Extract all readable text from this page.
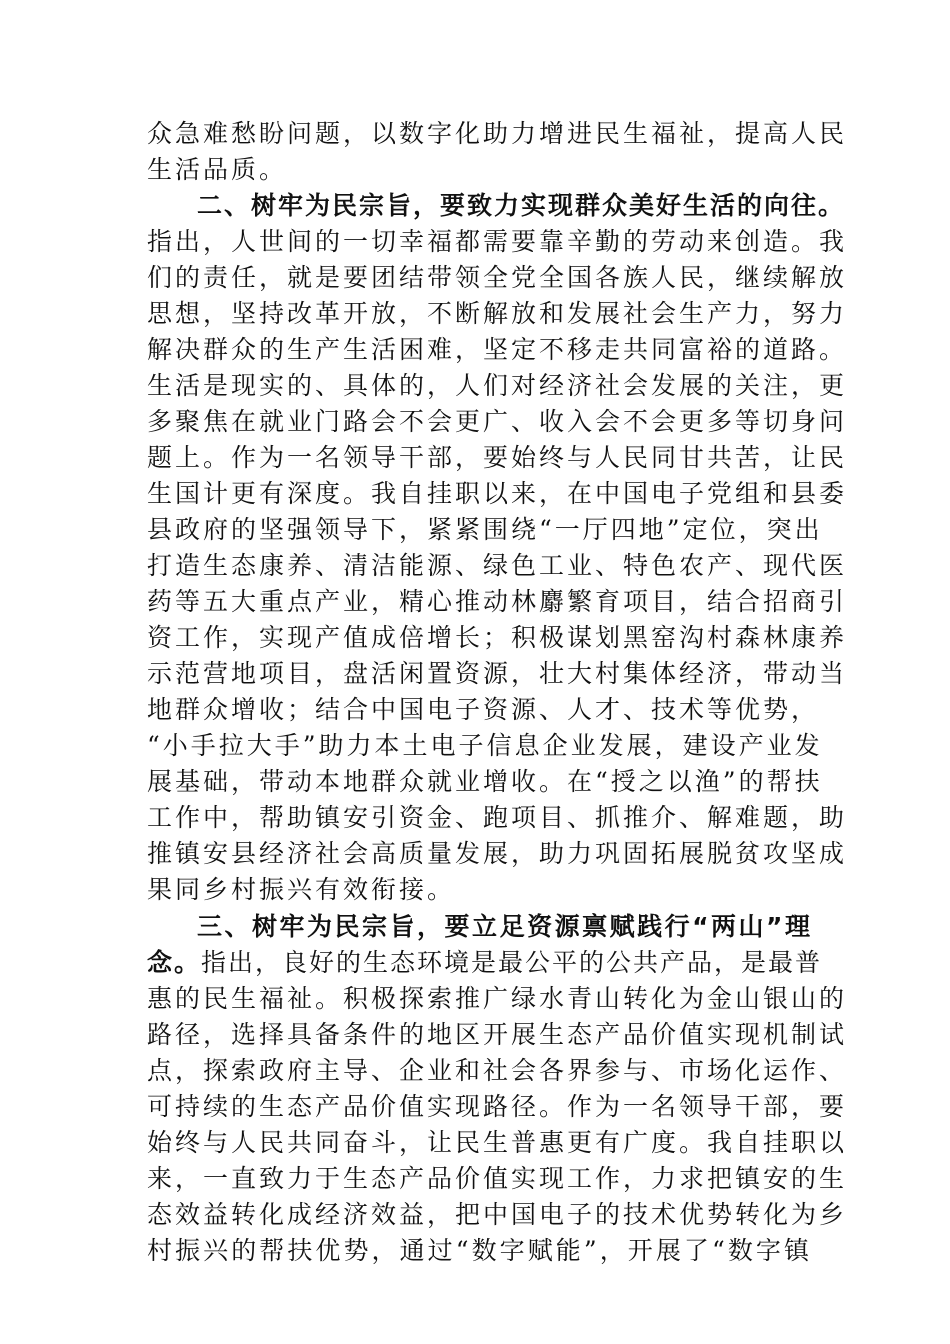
众急难愁盼问题，以数字化助力增进民生福祉，提高人民
生活品质。
二、树牢为民宗旨，要致力实现群众美好生活的向往。
指出，人世间的一切幸福都需要靠辛勤的劳动来创造。我
们的责任，就是要团结带领全党全国各族人民，继续解放
思想，坚持改革开放，不断解放和发展社会生产力，努力
解决群众的生产生活困难，坚定不移走共同富裕的道路。
生活是现实的、具体的，人们对经济社会发展的关注，更
多聚焦在就业门路会不会更广、收入会不会更多等切身问
题上。作为一名领导干部，要始终与人民同甘共苦，让民
生国计更有深度。我自挂职以来，在中国电子党组和县委
县政府的坚强领导下，紧紧围绕“一厅四地”定位，突出
打造生态康养、清洁能源、绿色工业、特色农产、现代医
药等五大重点产业，精心推动林麝繁育项目，结合招商引
资工作，实现产值成倍增长；积极谋划黑窑沟村森林康养
示范营地项目，盘活闲置资源，壮大村集体经济，带动当
地群众增收；结合中国电子资源、人才、技术等优势，
“小手拉大手”助力本土电子信息企业发展，建设产业发
展基础，带动本地群众就业增收。在“授之以渔”的帮扶
工作中，帮助镇安引资金、跑项目、抓推介、解难题，助
推镇安县经济社会高质量发展，助力巩固拓展脱贫攻坚成
果同乡村振兴有效衔接。
三、树牢为民宗旨，要立足资源禀赋践行“两山”理
念。指出，良好的生态环境是最公平的公共产品，是最普
惠的民生福祉。积极探索推广绿水青山转化为金山银山的
路径，选择具备条件的地区开展生态产品价值实现机制试
点，探索政府主导、企业和社会各界参与、市场化运作、
可持续的生态产品价值实现路径。作为一名领导干部，要
始终与人民共同奋斗，让民生普惠更有广度。我自挂职以
来，一直致力于生态产品价值实现工作，力求把镇安的生
态效益转化成经济效益，把中国电子的技术优势转化为乡
村振兴的帮扶优势，通过“数字赋能”，开展了“数字镇
